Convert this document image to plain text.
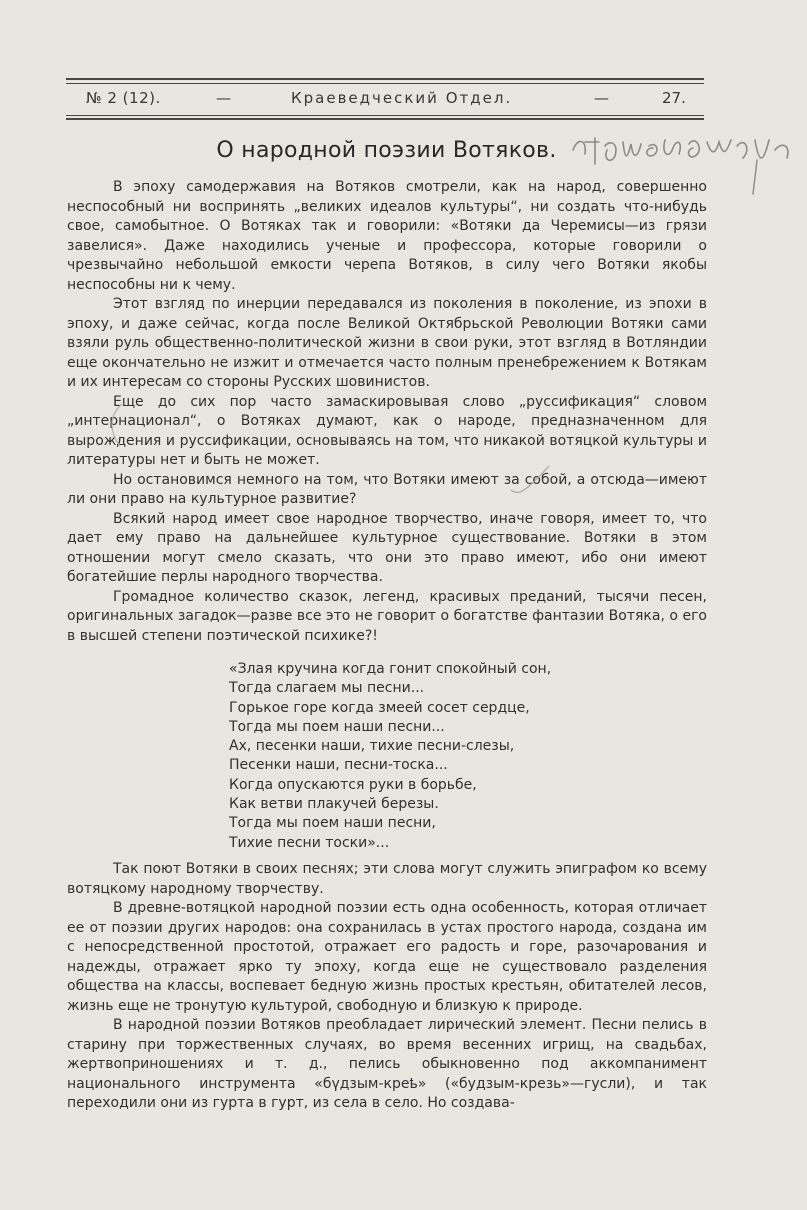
№ 2 (12).	—	Краеведческий Отдел.	—	27.
О народной поэзии Вотяков.

В эпоху самодержавия на Вотяков смотрели, как на народ, совершенно неспособный ни воспринять „великих идеалов культуры“, ни создать что-нибудь свое, самобытное. О Вотяках так и говорили: «Вотяки да Черемисы—из грязи завелися». Даже находились ученые и профессора, которые говорили о чрезвычайно небольшой емкости черепа Вотяков, в силу чего Вотяки якобы неспособны ни к чему.

Этот взгляд по инерции передавался из поколения в поколение, из эпохи в эпоху, и даже сейчас, когда после Великой Октябрьской Революции Вотяки сами взяли руль общественно-политической жизни в свои руки, этот взгляд в Вотляндии еще окончательно не изжит и отмечается часто полным пренебрежением к Вотякам и их интересам со стороны Русских шовинистов.

Еще до сих пор часто замаскировывая слово „руссификация“ словом „интернационал“, о Вотяках думают, как о народе, предназначенном для вырождения и руссификации, основываясь на том, что никакой вотяцкой культуры и литературы нет и быть не может.

Но остановимся немного на том, что Вотяки имеют за собой, а отсюда—имеют ли они право на культурное развитие?

Всякий народ имеет свое народное творчество, иначе говоря, имеет то, что дает ему право на дальнейшее культурное существование. Вотяки в этом отношении могут смело сказать, что они это право имеют, ибо они имеют богатейшие перлы народного творчества.

Громадное количество сказок, легенд, красивых преданий, тысячи песен, оригинальных загадок—разве все это не говорит о богатстве фантазии Вотяка, о его в высшей степени поэтической психике?!

«Злая кручина когда гонит спокойный сон,
Тогда слагаем мы песни...
Горькое горе когда змеей сосет сердце,
Тогда мы поем наши песни...
Ах, песенки наши, тихие песни-слезы,
Песенки наши, песни-тоска...
Когда опускаются руки в борьбе,
Как ветви плакучей березы.
Тогда мы поем наши песни,
Тихие песни тоски»...

Так поют Вотяки в своих песнях; эти слова могут служить эпиграфом ко всему вотяцкому народному творчеству.

В древне-вотяцкой народной поэзии есть одна особенность, которая отличает ее от поэзии других народов: она сохранилась в устах простого народа, создана им с непосредственной простотой, отражает его радость и горе, разочарования и надежды, отражает ярко ту эпоху, когда еще не существовало разделения общества на классы, воспевает бедную жизнь простых крестьян, обитателей лесов, жизнь еще не тронутую культурой, свободную и близкую к природе.

В народной поэзии Вотяков преобладает лирический элемент. Песни пелись в старину при торжественных случаях, во время весенних игрищ, на свадьбах, жертвоприношениях и т. д., пелись обыкновенно под аккомпанимент национального инструмента «бүдзым-креҍ» («будзым-крезь»—гусли), и так переходили они из гурта в гурт, из села в село. Но создава-
